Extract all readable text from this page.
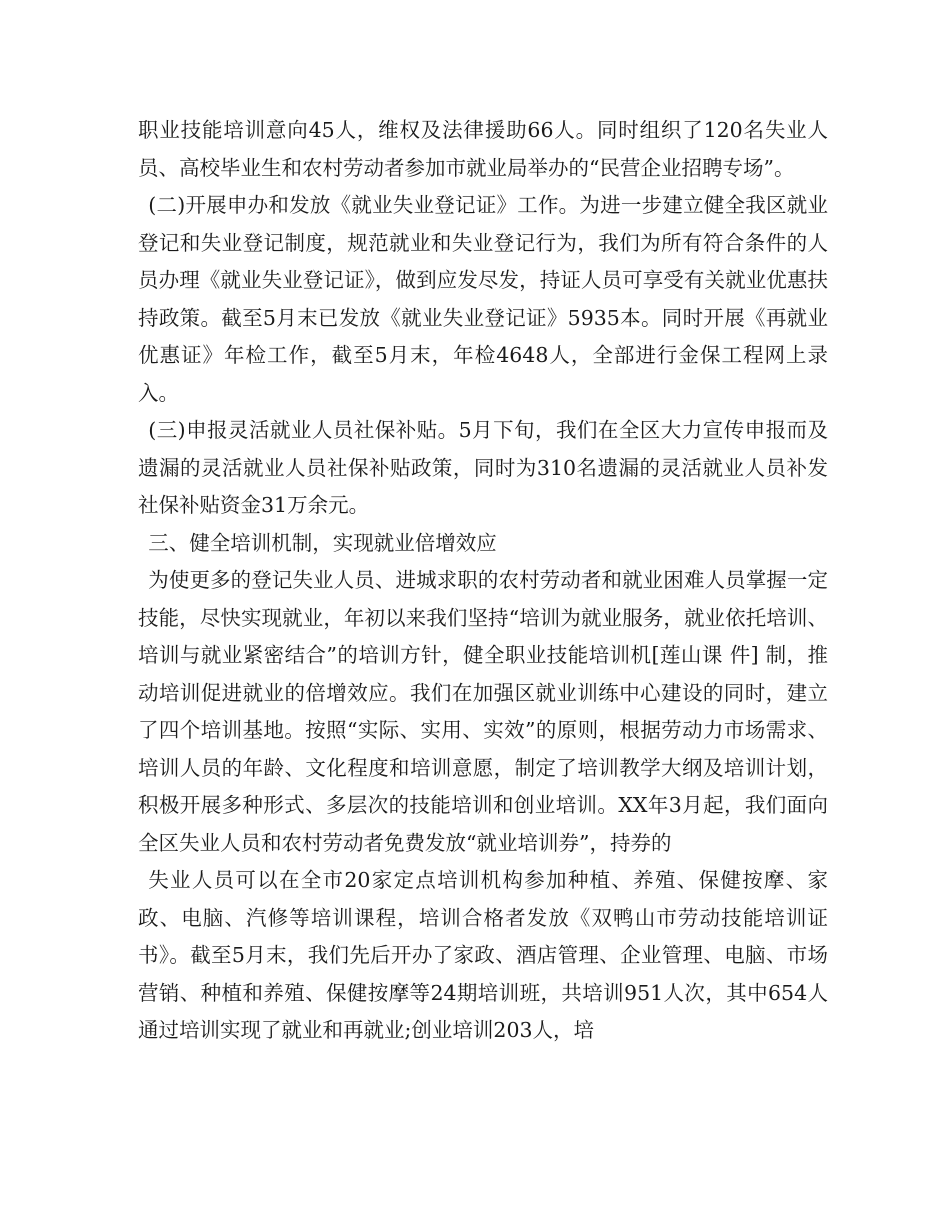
职业技能培训意向45人，维权及法律援助66人。同时组织了120名失业人员、高校毕业生和农村劳动者参加市就业局举办的“民营企业招聘专场”。

(二)开展申办和发放《就业失业登记证》工作。为进一步建立健全我区就业登记和失业登记制度，规范就业和失业登记行为，我们为所有符合条件的人员办理《就业失业登记证》，做到应发尽发，持证人员可享受有关就业优惠扶持政策。截至5月末已发放《就业失业登记证》5935本。同时开展《再就业优惠证》年检工作，截至5月末，年检4648人，全部进行金保工程网上录入。

(三)申报灵活就业人员社保补贴。5月下旬，我们在全区大力宣传申报而及遗漏的灵活就业人员社保补贴政策，同时为310名遗漏的灵活就业人员补发社保补贴资金31万余元。

三、健全培训机制，实现就业倍增效应

为使更多的登记失业人员、进城求职的农村劳动者和就业困难人员掌握一定技能，尽快实现就业，年初以来我们坚持“培训为就业服务，就业依托培训、培训与就业紧密结合”的培训方针，健全职业技能培训机[莲山课 件] 制，推动培训促进就业的倍增效应。我们在加强区就业训练中心建设的同时，建立了四个培训基地。按照“实际、实用、实效”的原则，根据劳动力市场需求、培训人员的年龄、文化程度和培训意愿，制定了培训教学大纲及培训计划，积极开展多种形式、多层次的技能培训和创业培训。XX年3月起，我们面向全区失业人员和农村劳动者免费发放“就业培训券”，持券的

失业人员可以在全市20家定点培训机构参加种植、养殖、保健按摩、家政、电脑、汽修等培训课程，培训合格者发放《双鸭山市劳动技能培训证书》。截至5月末，我们先后开办了家政、酒店管理、企业管理、电脑、市场营销、种植和养殖、保健按摩等24期培训班，共培训951人次，其中654人通过培训实现了就业和再就业;创业培训203人，培
